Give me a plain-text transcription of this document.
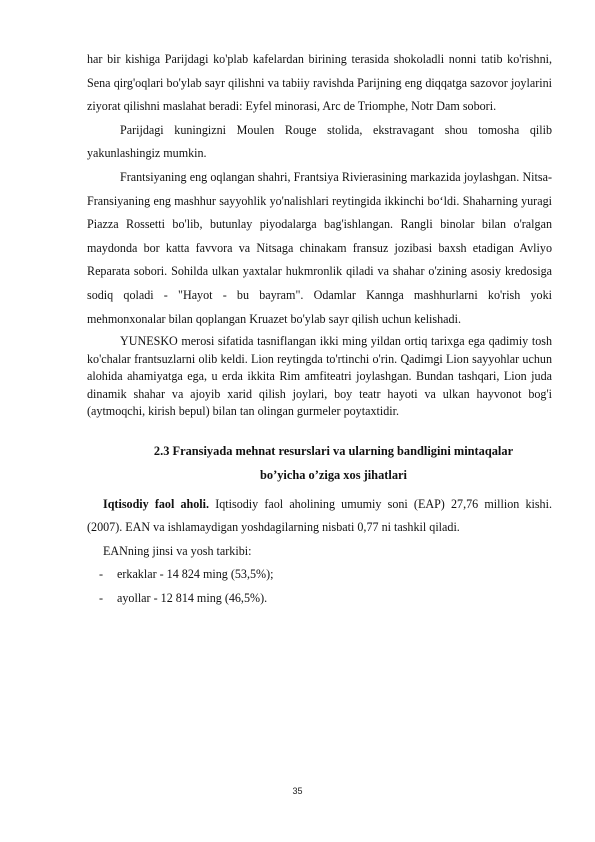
har bir kishiga Parijdagi ko'plab kafelardan birining terasida shokoladli nonni tatib ko'rishni, Sena qirg'oqlari bo'ylab sayr qilishni va tabiiy ravishda Parijning eng diqqatga sazovor joylarini ziyorat qilishni maslahat beradi: Eyfel minorasi, Arc de Triomphe, Notr Dam sobori.

Parijdagi kuningizni Moulen Rouge stolida, ekstravagant shou tomosha qilib yakunlashingiz mumkin.

Frantsiyaning eng oqlangan shahri, Frantsiya Rivierasining markazida joylashgan. Nitsa- Fransiyaning eng mashhur sayyohlik yo'nalishlari reytingida ikkinchi bo‘ldi. Shaharning yuragi Piazza Rossetti bo'lib, butunlay piyodalarga bag'ishlangan. Rangli binolar bilan o'ralgan maydonda bor katta favvora va Nitsaga chinakam fransuz jozibasi baxsh etadigan Avliyo Reparata sobori. Sohilda ulkan yaxtalar hukmronlik qiladi va shahar o'zining asosiy kredosiga sodiq qoladi - "Hayot - bu bayram". Odamlar Kannga mashhurlarni ko'rish yoki mehmonxonalar bilan qoplangan Kruazet bo'ylab sayr qilish uchun kelishadi.

YUNESKO merosi sifatida tasniflangan ikki ming yildan ortiq tarixga ega qadimiy tosh ko'chalar frantsuzlarni olib keldi. Lion reytingda to'rtinchi o'rin. Qadimgi Lion sayyohlar uchun alohida ahamiyatga ega, u erda ikkita Rim amfiteatri joylashgan. Bundan tashqari, Lion juda dinamik shahar va ajoyib xarid qilish joylari, boy teatr hayoti va ulkan hayvonot bog'i (aytmoqchi, kirish bepul) bilan tan olingan gurmeler poytaxtidir.

2.3 Fransiyada mehnat resurslari va ularning bandligini mintaqalar
bo’yicha o’ziga xos jihatlari

Iqtisodiy faol aholi. Iqtisodiy faol aholining umumiy soni (EAP) 27,76 million kishi. (2007). EAN va ishlamaydigan yoshdagilarning nisbati 0,77 ni tashkil qiladi.

EANning jinsi va yosh tarkibi:

- erkaklar - 14 824 ming (53,5%);
- ayollar - 12 814 ming (46,5%).
35
